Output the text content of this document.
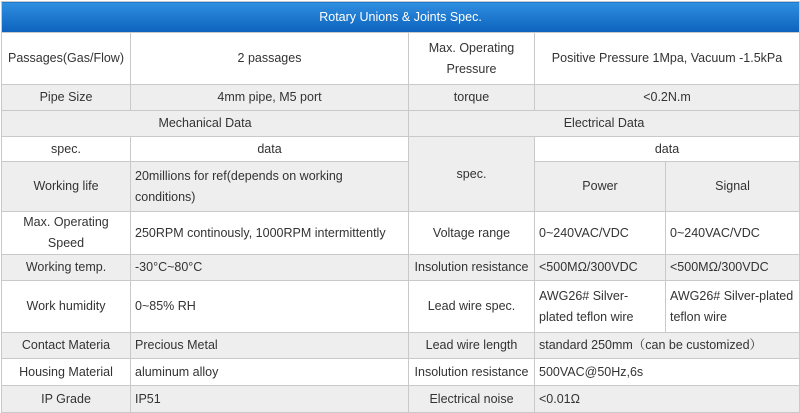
Rotary Unions & Joints Spec.				
Passages(Gas/Flow)	2 passages	Max. Operating Pressure	Positive Pressure 1Mpa, Vacuum -1.5kPa	
Pipe Size	4mm pipe, M5 port	torque	<0.2N.m	
Mechanical Data		Electrical Data		
spec.	data	spec.	data	
Working life	20millions for ref(depends on working conditions)		Power	Signal

Max. Operating Speed	250RPM continously, 1000RPM intermittently	Voltage range	0~240VAC/VDC	0~240VAC/VDC
Working temp.	-30°C~80°C	Insolution resistance	<500MΩ/300VDC	<500MΩ/300VDC
Work humidity	0~85% RH	Lead wire spec.	AWG26# Silver-plated teflon wire	AWG26# Silver-plated teflon wire
Contact Materia	Precious Metal	Lead wire length	standard 250mm（can be customized）	
Housing Material	aluminum alloy	Insolution resistance	500VAC@50Hz,6s	
IP Grade	IP51	Electrical noise	<0.01Ω	
